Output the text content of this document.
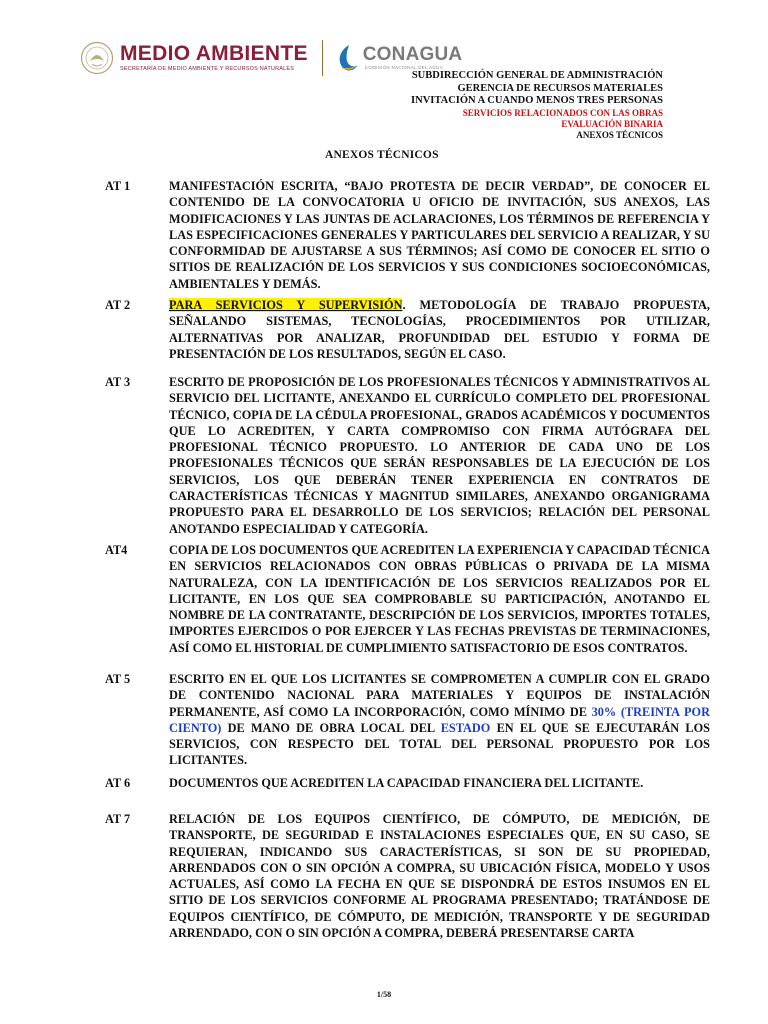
MEDIO AMBIENTE
SECRETARÍA DE MEDIO AMBIENTE Y RECURSOS NATURALES
CONAGUA
COMISIÓN NACIONAL DEL AGUA
SUBDIRECCIÓN GENERAL DE ADMINISTRACIÓN
GERENCIA DE RECURSOS MATERIALES
INVITACIÓN A CUANDO MENOS TRES PERSONAS
SERVICIOS RELACIONADOS CON LAS OBRAS
EVALUACIÓN BINARIA
ANEXOS TÉCNICOS
ANEXOS TÉCNICOS
AT 1	MANIFESTACIÓN ESCRITA, “BAJO PROTESTA DE DECIR VERDAD”, DE CONOCER EL CONTENIDO DE LA CONVOCATORIA U OFICIO DE INVITACIÓN, SUS ANEXOS, LAS MODIFICACIONES Y LAS JUNTAS DE ACLARACIONES, LOS TÉRMINOS DE REFERENCIA Y LAS ESPECIFICACIONES GENERALES Y PARTICULARES DEL SERVICIO A REALIZAR, Y SU CONFORMIDAD DE AJUSTARSE A SUS TÉRMINOS; ASÍ COMO DE CONOCER EL SITIO O SITIOS DE REALIZACIÓN DE LOS SERVICIOS Y SUS CONDICIONES SOCIOECONÓMICAS, AMBIENTALES Y DEMÁS.
AT 2	PARA SERVICIOS Y SUPERVISIÓN. METODOLOGÍA DE TRABAJO PROPUESTA, SEÑALANDO SISTEMAS, TECNOLOGÍAS, PROCEDIMIENTOS POR UTILIZAR, ALTERNATIVAS POR ANALIZAR, PROFUNDIDAD DEL ESTUDIO Y FORMA DE PRESENTACIÓN DE LOS RESULTADOS, SEGÚN EL CASO.
AT 3	ESCRITO DE PROPOSICIÓN DE LOS PROFESIONALES TÉCNICOS Y ADMINISTRATIVOS AL SERVICIO DEL LICITANTE, ANEXANDO EL CURRÍCULO COMPLETO DEL PROFESIONAL TÉCNICO, COPIA DE LA CÉDULA PROFESIONAL, GRADOS ACADÉMICOS Y DOCUMENTOS QUE LO ACREDITEN, Y CARTA COMPROMISO CON FIRMA AUTÓGRAFA DEL PROFESIONAL TÉCNICO PROPUESTO. LO ANTERIOR DE CADA UNO DE LOS PROFESIONALES TÉCNICOS QUE SERÁN RESPONSABLES DE LA EJECUCIÓN DE LOS SERVICIOS, LOS QUE DEBERÁN TENER EXPERIENCIA EN CONTRATOS DE CARACTERÍSTICAS TÉCNICAS Y MAGNITUD SIMILARES, ANEXANDO ORGANIGRAMA PROPUESTO PARA EL DESARROLLO DE LOS SERVICIOS; RELACIÓN DEL PERSONAL ANOTANDO ESPECIALIDAD Y CATEGORÍA.
AT4	COPIA DE LOS DOCUMENTOS QUE ACREDITEN LA EXPERIENCIA Y CAPACIDAD TÉCNICA EN SERVICIOS RELACIONADOS CON OBRAS PÚBLICAS O PRIVADA DE LA MISMA NATURALEZA, CON LA IDENTIFICACIÓN DE LOS SERVICIOS REALIZADOS POR EL LICITANTE, EN LOS QUE SEA COMPROBABLE SU PARTICIPACIÓN, ANOTANDO EL NOMBRE DE LA CONTRATANTE, DESCRIPCIÓN DE LOS SERVICIOS, IMPORTES TOTALES, IMPORTES EJERCIDOS O POR EJERCER Y LAS FECHAS PREVISTAS DE TERMINACIONES, ASÍ COMO EL HISTORIAL DE CUMPLIMIENTO SATISFACTORIO DE ESOS CONTRATOS.
AT 5	ESCRITO EN EL QUE LOS LICITANTES SE COMPROMETEN A CUMPLIR CON EL GRADO DE CONTENIDO NACIONAL PARA MATERIALES Y EQUIPOS DE INSTALACIÓN PERMANENTE, ASÍ COMO LA INCORPORACIÓN, COMO MÍNIMO DE 30% (TREINTA POR CIENTO) DE MANO DE OBRA LOCAL DEL ESTADO EN EL QUE SE EJECUTARÁN LOS SERVICIOS, CON RESPECTO DEL TOTAL DEL PERSONAL PROPUESTO POR LOS LICITANTES.
AT 6	DOCUMENTOS QUE ACREDITEN LA CAPACIDAD FINANCIERA DEL LICITANTE.
AT 7	RELACIÓN DE LOS EQUIPOS CIENTÍFICO, DE CÓMPUTO, DE MEDICIÓN, DE TRANSPORTE, DE SEGURIDAD E INSTALACIONES ESPECIALES QUE, EN SU CASO, SE REQUIERAN, INDICANDO SUS CARACTERÍSTICAS, SI SON DE SU PROPIEDAD, ARRENDADOS CON O SIN OPCIÓN A COMPRA, SU UBICACIÓN FÍSICA, MODELO Y USOS ACTUALES, ASÍ COMO LA FECHA EN QUE SE DISPONDRÁ DE ESTOS INSUMOS EN EL SITIO DE LOS SERVICIOS CONFORME AL PROGRAMA PRESENTADO; TRATÁNDOSE DE EQUIPOS CIENTÍFICO, DE CÓMPUTO, DE MEDICIÓN, TRANSPORTE Y DE SEGURIDAD ARRENDADO, CON O SIN OPCIÓN A COMPRA, DEBERÁ PRESENTARSE CARTA
1/58
